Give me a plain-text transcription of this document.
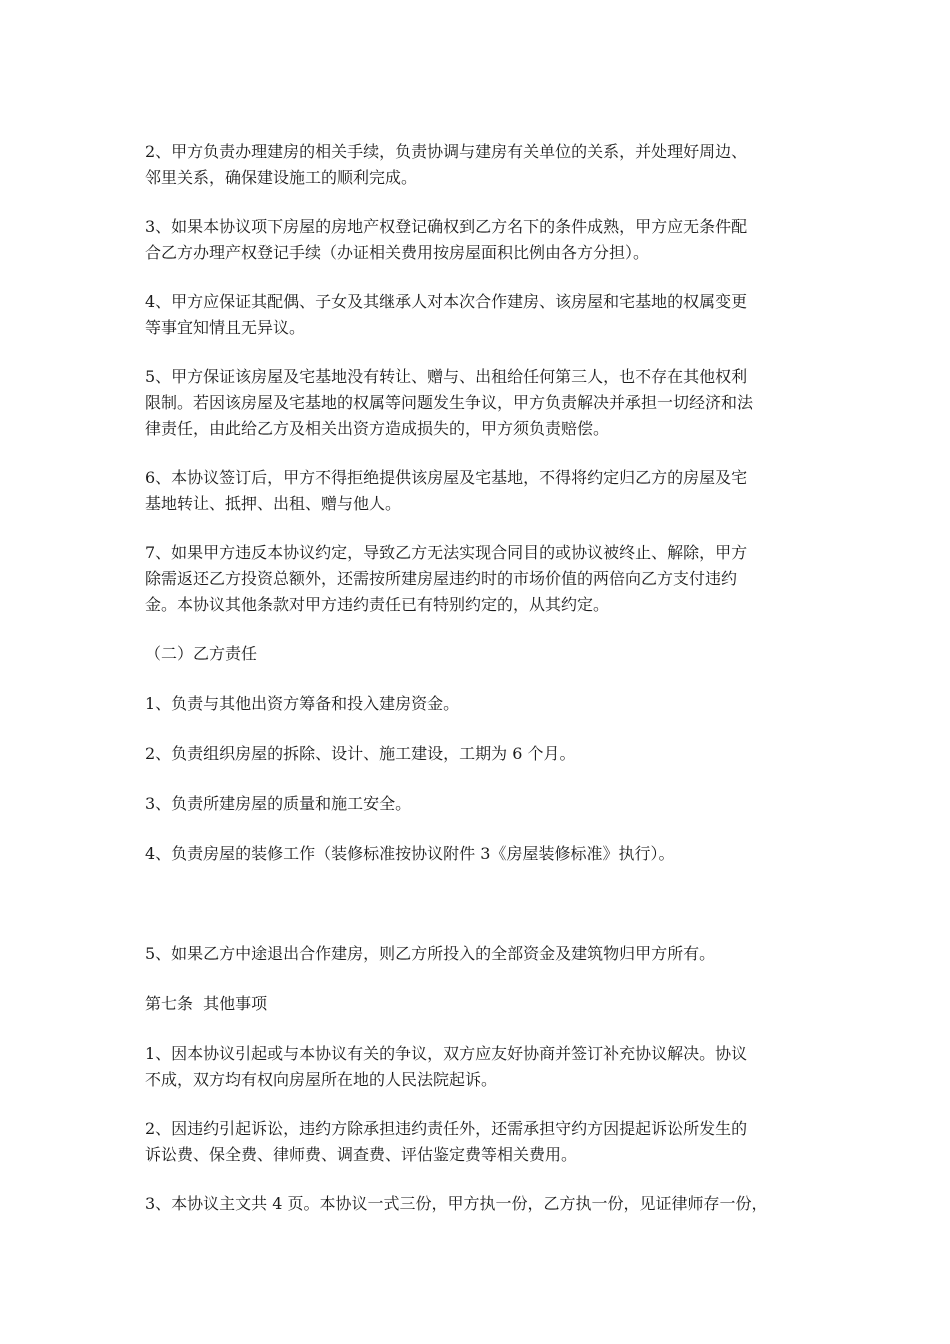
2、甲方负责办理建房的相关手续，负责协调与建房有关单位的关系，并处理好周边、
邻里关系，确保建设施工的顺利完成。
3、如果本协议项下房屋的房地产权登记确权到乙方名下的条件成熟，甲方应无条件配
合乙方办理产权登记手续（办证相关费用按房屋面积比例由各方分担）。
4、甲方应保证其配偶、子女及其继承人对本次合作建房、该房屋和宅基地的权属变更
等事宜知情且无异议。
5、甲方保证该房屋及宅基地没有转让、赠与、出租给任何第三人，也不存在其他权利
限制。若因该房屋及宅基地的权属等问题发生争议，甲方负责解决并承担一切经济和法
律责任，由此给乙方及相关出资方造成损失的，甲方须负责赔偿。
6、本协议签订后，甲方不得拒绝提供该房屋及宅基地，不得将约定归乙方的房屋及宅
基地转让、抵押、出租、赠与他人。
7、如果甲方违反本协议约定，导致乙方无法实现合同目的或协议被终止、解除，甲方
除需返还乙方投资总额外，还需按所建房屋违约时的市场价值的两倍向乙方支付违约
金。本协议其他条款对甲方违约责任已有特别约定的，从其约定。
（二）乙方责任
1、负责与其他出资方筹备和投入建房资金。
2、负责组织房屋的拆除、设计、施工建设，工期为 6 个月。
3、负责所建房屋的质量和施工安全。
4、负责房屋的装修工作（装修标准按协议附件 3《房屋装修标准》执行）。
5、如果乙方中途退出合作建房，则乙方所投入的全部资金及建筑物归甲方所有。
第七条  其他事项
1、因本协议引起或与本协议有关的争议，双方应友好协商并签订补充协议解决。协议
不成，双方均有权向房屋所在地的人民法院起诉。
2、因违约引起诉讼，违约方除承担违约责任外，还需承担守约方因提起诉讼所发生的
诉讼费、保全费、律师费、调查费、评估鉴定费等相关费用。
3、本协议主文共 4 页。本协议一式三份，甲方执一份，乙方执一份，见证律师存一份，
